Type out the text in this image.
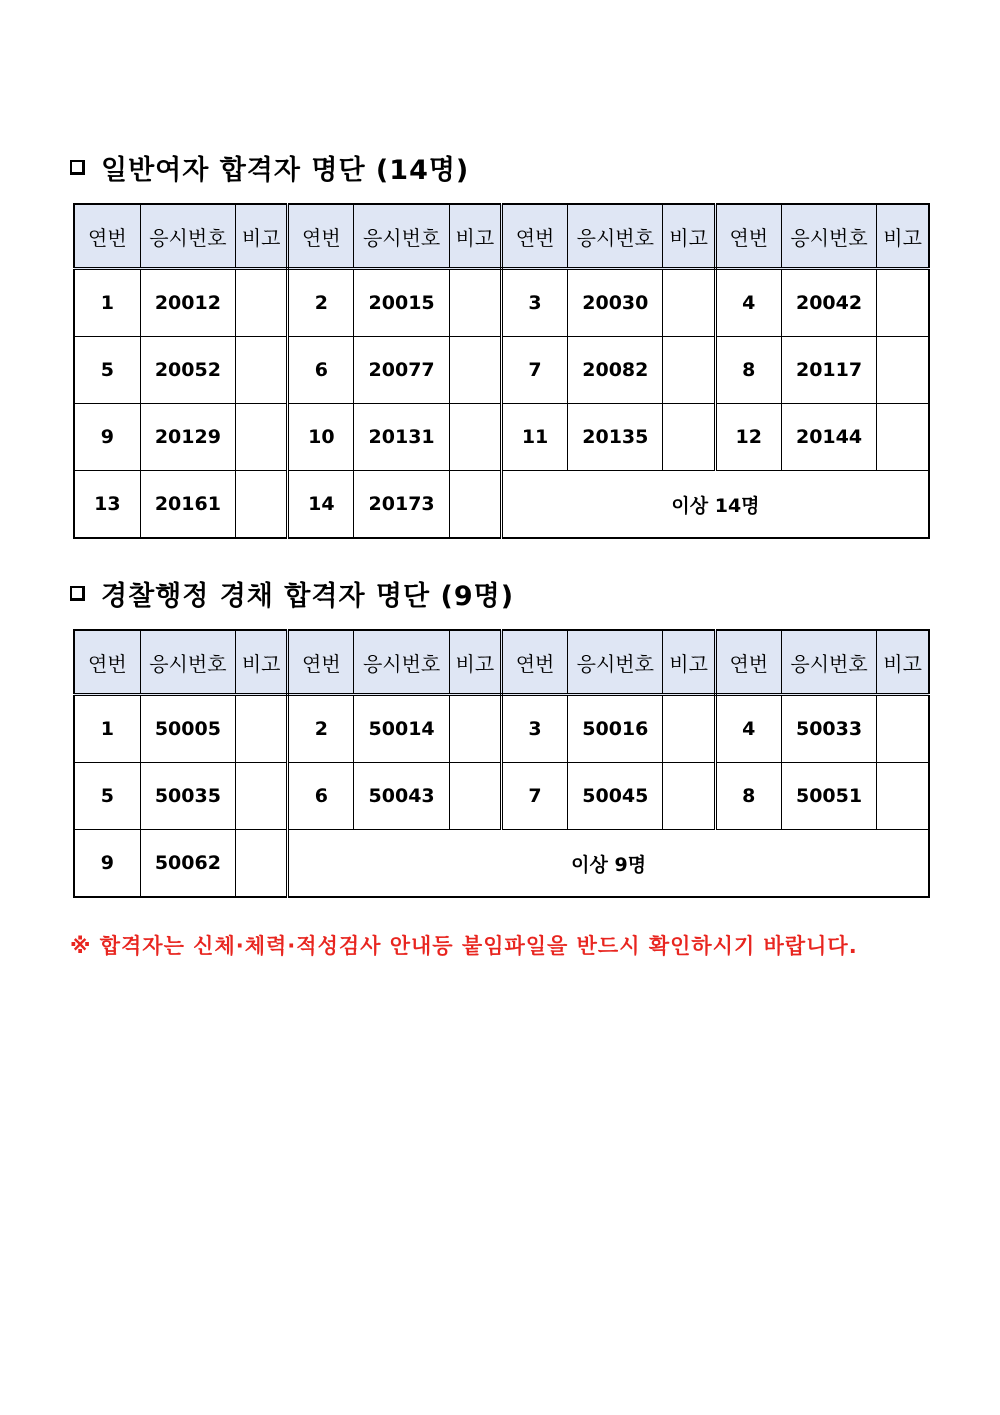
일반여자 합격자 명단 (14명)
연번	응시번호	비고	연번	응시번호	비고	연번	응시번호	비고	연번	응시번호	비고
1	20012		2	20015		3	20030		4	20042	
5	20052		6	20077		7	20082		8	20117	
9	20129		10	20131		11	20135		12	20144	
13	20161		14	20173		이상 14명					
경찰행정 경채 합격자 명단 (9명)
연번	응시번호	비고	연번	응시번호	비고	연번	응시번호	비고	연번	응시번호	비고
1	50005		2	50014		3	50016		4	50033	
5	50035		6	50043		7	50045		8	50051	
9	50062		이상 9명								
※ 합격자는 신체·체력·적성검사 안내등 붙임파일을 반드시 확인하시기 바랍니다.
